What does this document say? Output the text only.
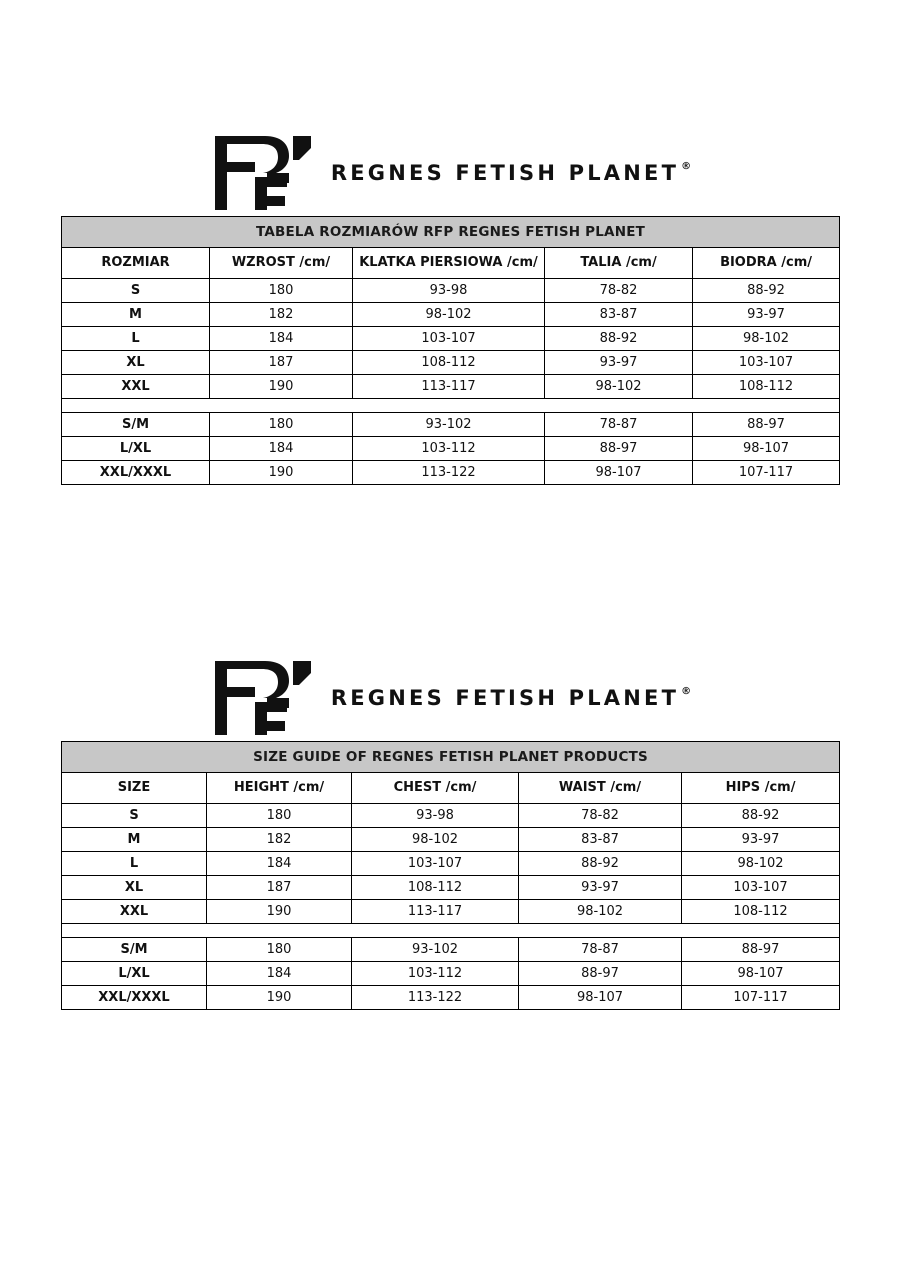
REGNES FETISH PLANET ®
TABELA ROZMIARÓW RFP REGNES FETISH PLANET				
ROZMIAR	WZROST /cm/	KLATKA PIERSIOWA /cm/	TALIA /cm/	BIODRA /cm/
S	180	93-98	78-82	88-92
M	182	98-102	83-87	93-97
L	184	103-107	88-92	98-102
XL	187	108-112	93-97	103-107
XXL	190	113-117	98-102	108-112

S/M	180	93-102	78-87	88-97
L/XL	184	103-112	88-97	98-107
XXL/XXXL	190	113-122	98-107	107-117
REGNES FETISH PLANET ®
SIZE GUIDE OF REGNES FETISH PLANET PRODUCTS				
SIZE	HEIGHT /cm/	CHEST /cm/	WAIST /cm/	HIPS /cm/
S	180	93-98	78-82	88-92
M	182	98-102	83-87	93-97
L	184	103-107	88-92	98-102
XL	187	108-112	93-97	103-107
XXL	190	113-117	98-102	108-112

S/M	180	93-102	78-87	88-97
L/XL	184	103-112	88-97	98-107
XXL/XXXL	190	113-122	98-107	107-117
